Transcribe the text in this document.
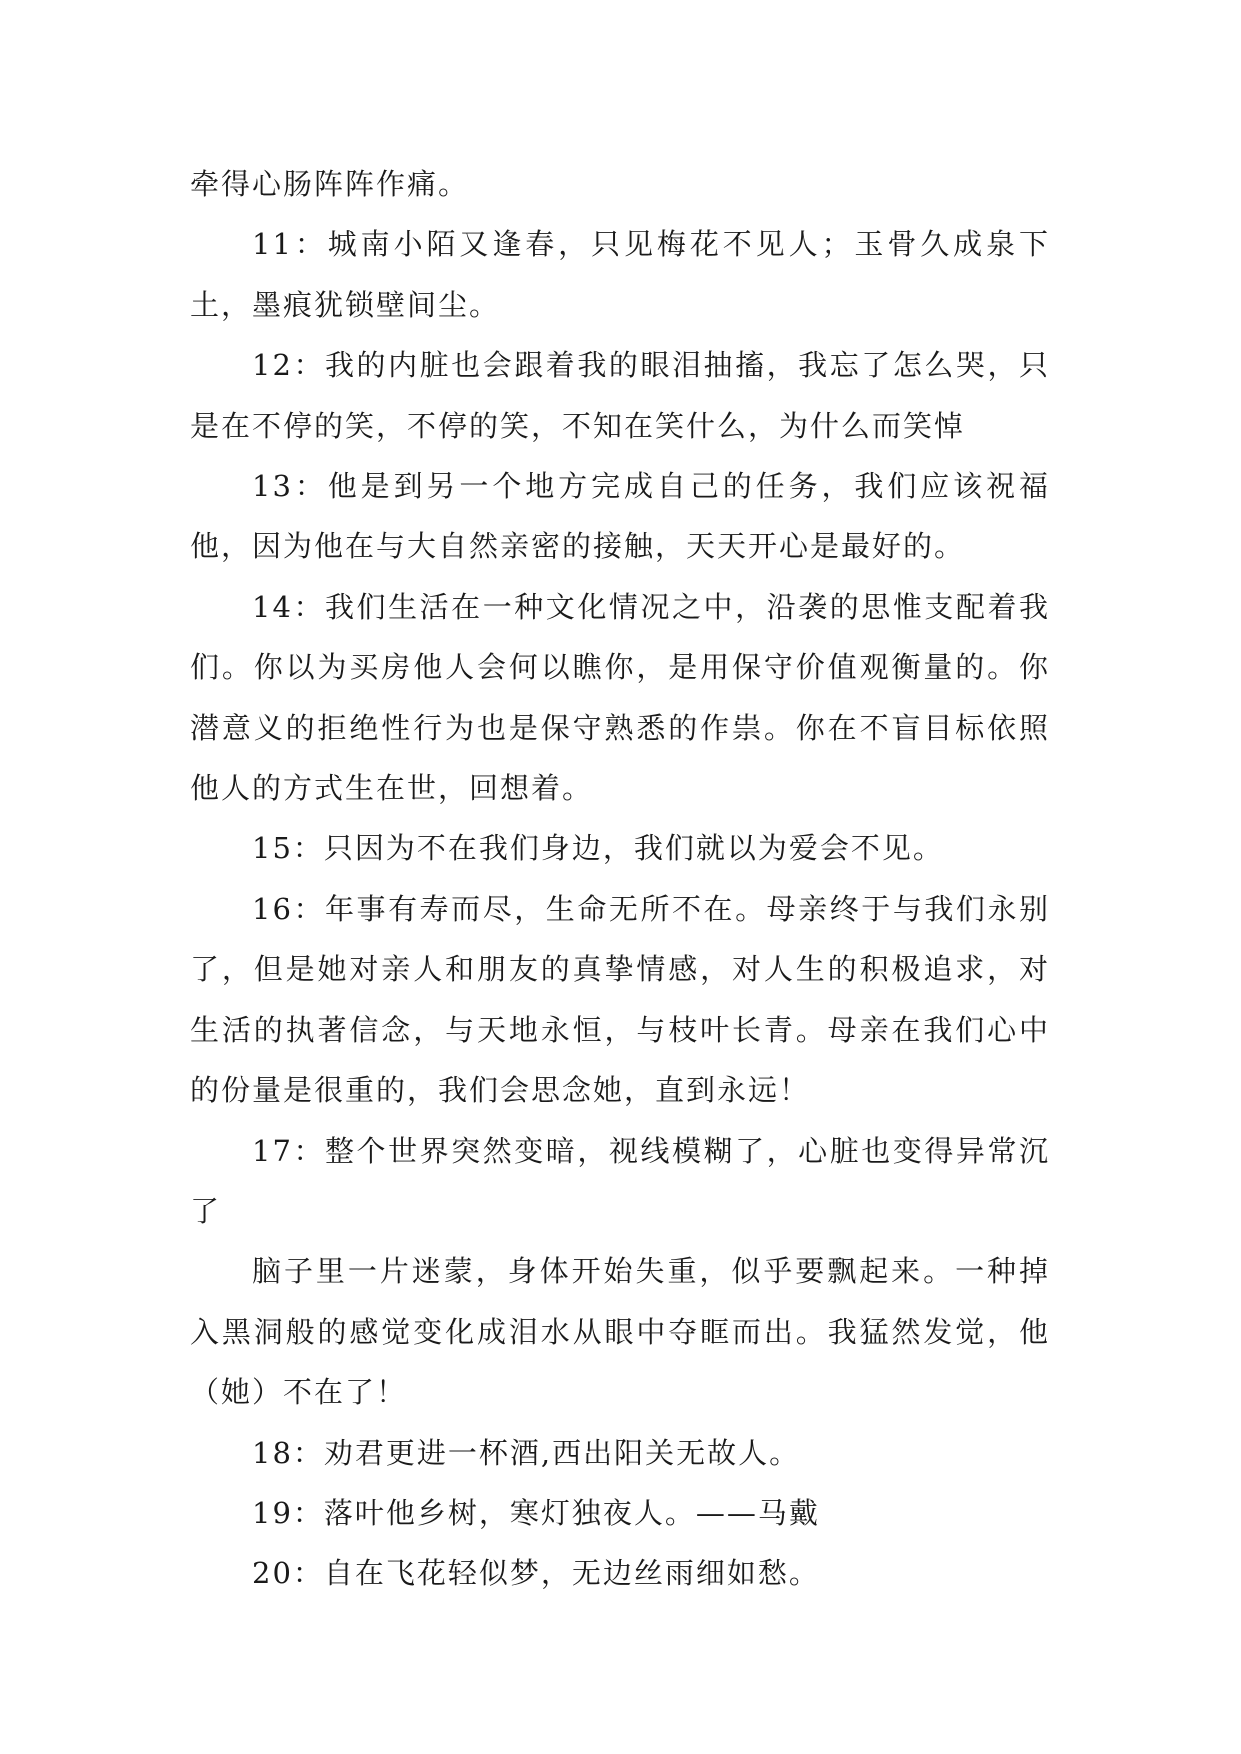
牵得心肠阵阵作痛。

11：城南小陌又逢春，只见梅花不见人；玉骨久成泉下土，墨痕犹锁壁间尘。

12：我的内脏也会跟着我的眼泪抽搐，我忘了怎么哭，只是在不停的笑，不停的笑，不知在笑什么，为什么而笑悼

13：他是到另一个地方完成自己的任务，我们应该祝福他，因为他在与大自然亲密的接触，天天开心是最好的。

14：我们生活在一种文化情况之中，沿袭的思惟支配着我们。你以为买房他人会何以瞧你，是用保守价值观衡量的。你潜意义的拒绝性行为也是保守熟悉的作祟。你在不盲目标依照他人的方式生在世，回想着。

15：只因为不在我们身边，我们就以为爱会不见。

16：年事有寿而尽，生命无所不在。母亲终于与我们永别了，但是她对亲人和朋友的真挚情感，对人生的积极追求，对生活的执著信念，与天地永恒，与枝叶长青。母亲在我们心中的份量是很重的，我们会思念她，直到永远！

17：整个世界突然变暗，视线模糊了，心脏也变得异常沉了

脑子里一片迷蒙，身体开始失重，似乎要飘起来。一种掉入黑洞般的感觉变化成泪水从眼中夺眶而出。我猛然发觉，他（她）不在了！

18：劝君更进一杯酒,西出阳关无故人。

19：落叶他乡树，寒灯独夜人。——马戴

20：自在飞花轻似梦，无边丝雨细如愁。
